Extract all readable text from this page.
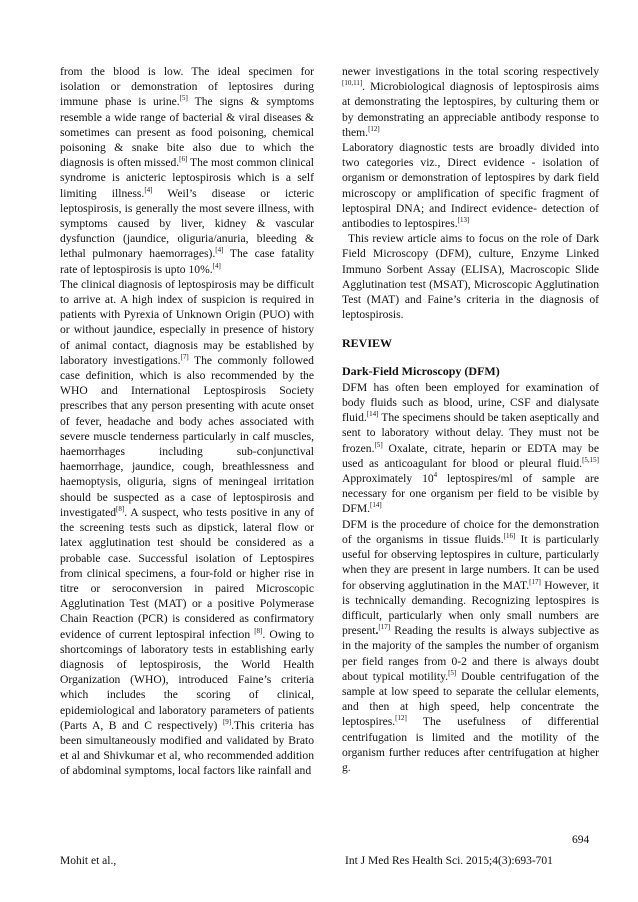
from the blood is low. The ideal specimen for isolation or demonstration of leptosires during immune phase is urine.[5] The signs & symptoms resemble a wide range of bacterial & viral diseases & sometimes can present as food poisoning, chemical poisoning & snake bite also due to which the diagnosis is often missed.[6] The most common clinical syndrome is anicteric leptospirosis which is a self limiting illness.[4] Weil’s disease or icteric leptospirosis, is generally the most severe illness, with symptoms caused by liver, kidney & vascular dysfunction (jaundice, oliguria/anuria, bleeding & lethal pulmonary haemorrages).[4] The case fatality rate of leptospirosis is upto 10%.[4]

The clinical diagnosis of leptospirosis may be difficult to arrive at. A high index of suspicion is required in patients with Pyrexia of Unknown Origin (PUO) with or without jaundice, especially in presence of history of animal contact, diagnosis may be established by laboratory investigations.[7] The commonly followed case definition, which is also recommended by the WHO and International Leptospirosis Society prescribes that any person presenting with acute onset of fever, headache and body aches associated with severe muscle tenderness particularly in calf muscles, haemorrhages including sub-conjunctival haemorrhage, jaundice, cough, breathlessness and haemoptysis, oliguria, signs of meningeal irritation should be suspected as a case of leptospirosis and investigated[8]. A suspect, who tests positive in any of the screening tests such as dipstick, lateral flow or latex agglutination test should be considered as a probable case. Successful isolation of Leptospires from clinical specimens, a four-fold or higher rise in titre or seroconversion in paired Microscopic Agglutination Test (MAT) or a positive Polymerase Chain Reaction (PCR) is considered as confirmatory evidence of current leptospiral infection [8]. Owing to shortcomings of laboratory tests in establishing early diagnosis of leptospirosis, the World Health Organization (WHO), introduced Faine’s criteria which includes the scoring of clinical, epidemiological and laboratory parameters of patients (Parts A, B and C respectively) [9].This criteria has been simultaneously modified and validated by Brato et al and Shivkumar et al, who recommended addition of abdominal symptoms, local factors like rainfall and

newer investigations in the total scoring respectively [10,11]. Microbiological diagnosis of leptospirosis aims at demonstrating the leptospires, by culturing them or by demonstrating an appreciable antibody response to them.[12]

Laboratory diagnostic tests are broadly divided into two categories viz., Direct evidence - isolation of organism or demonstration of leptospires by dark field microscopy or amplification of specific fragment of leptospiral DNA; and Indirect evidence- detection of antibodies to leptospires.[13]

This review article aims to focus on the role of Dark Field Microscopy (DFM), culture, Enzyme Linked Immuno Sorbent Assay (ELISA), Macroscopic Slide Agglutination test (MSAT), Microscopic Agglutination Test (MAT) and Faine’s criteria in the diagnosis of leptospirosis.

REVIEW

Dark-Field Microscopy (DFM)

DFM has often been employed for examination of body fluids such as blood, urine, CSF and dialysate fluid.[14] The specimens should be taken aseptically and sent to laboratory without delay. They must not be frozen.[5] Oxalate, citrate, heparin or EDTA may be used as anticoagulant for blood or pleural fluid.[5,15] Approximately $10^4$ leptospires/ml of sample are necessary for one organism per field to be visible by DFM.[14]

DFM is the procedure of choice for the demonstration of the organisms in tissue fluids.[16] It is particularly useful for observing leptospires in culture, particularly when they are present in large numbers. It can be used for observing agglutination in the MAT.[17] However, it is technically demanding. Recognizing leptospires is difficult, particularly when only small numbers are present.[17] Reading the results is always subjective as in the majority of the samples the number of organism per field ranges from 0-2 and there is always doubt about typical motility.[5] Double centrifugation of the sample at low speed to separate the cellular elements, and then at high speed, help concentrate the leptospires.[12] The usefulness of differential centrifugation is limited and the motility of the organism further reduces after centrifugation at higher g.

694
Mohit et al.,	Int J Med Res Health Sci. 2015;4(3):693-701
